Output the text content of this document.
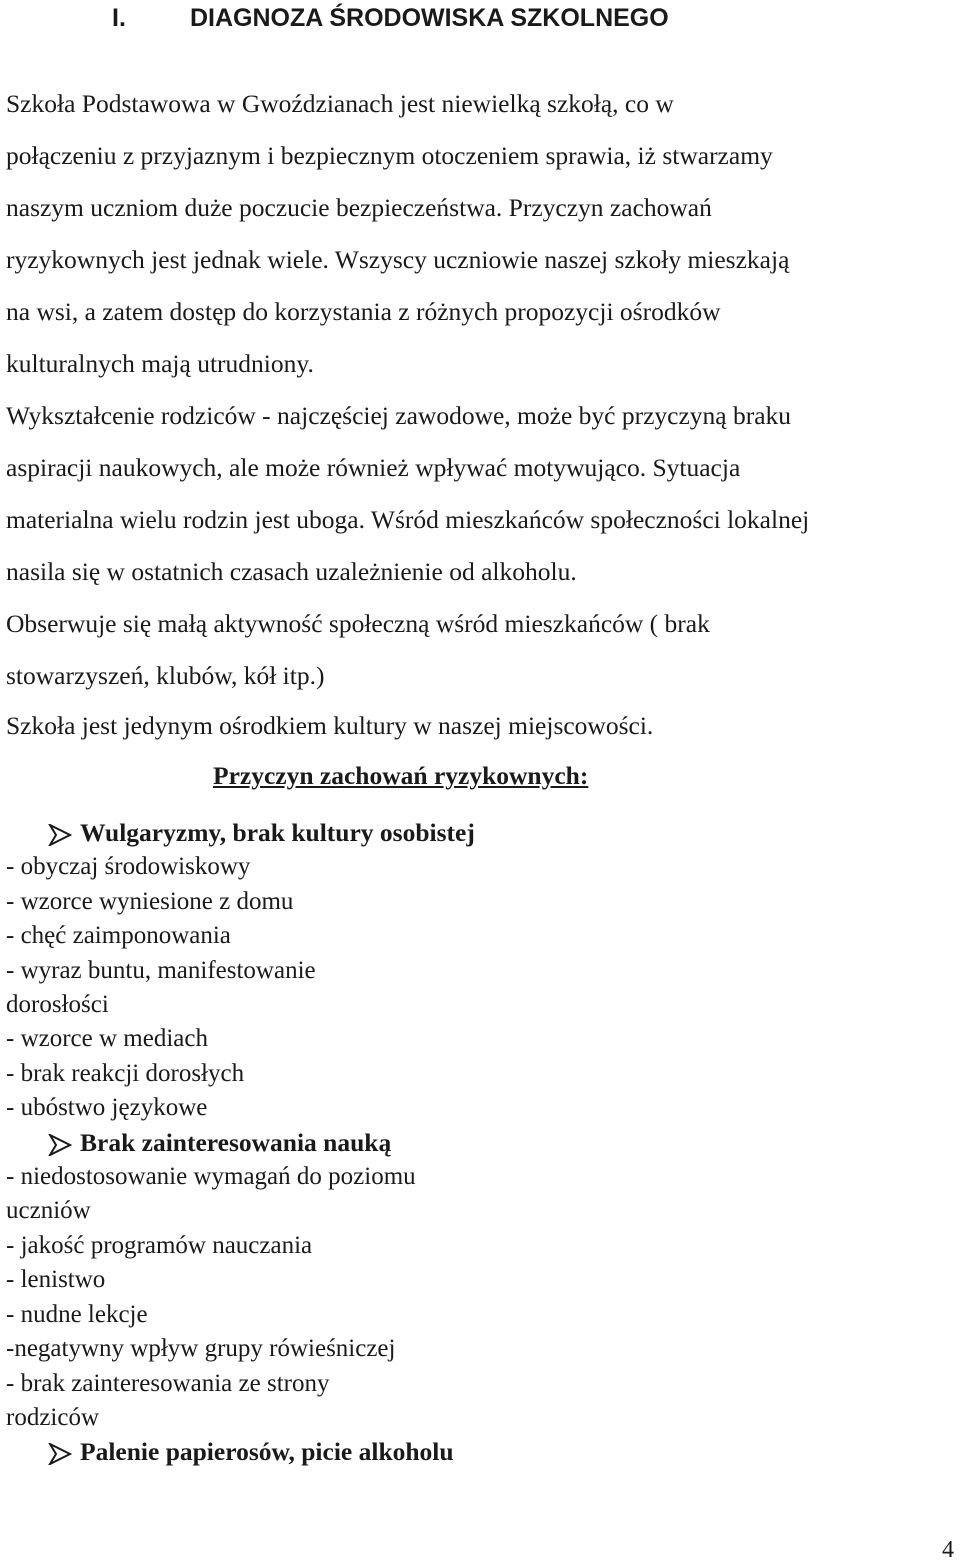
I.	DIAGNOZA ŚRODOWISKA SZKOLNEGO

Szkoła Podstawowa w Gwoździanach jest niewielką szkołą, co w
połączeniu z przyjaznym i bezpiecznym otoczeniem sprawia, iż stwarzamy
naszym uczniom duże poczucie bezpieczeństwa. Przyczyn zachowań
ryzykownych jest jednak wiele. Wszyscy uczniowie naszej szkoły mieszkają
na wsi, a zatem dostęp do korzystania z różnych propozycji ośrodków
kulturalnych mają utrudniony.
Wykształcenie rodziców - najczęściej zawodowe, może być przyczyną braku
aspiracji naukowych, ale może również wpływać motywująco. Sytuacja
materialna wielu rodzin jest uboga. Wśród mieszkańców społeczności lokalnej
nasila się w ostatnich czasach uzależnienie od alkoholu.
Obserwuje się małą aktywność społeczną wśród mieszkańców ( brak
stowarzyszeń, klubów, kół itp.)
Szkoła jest jedynym ośrodkiem kultury w naszej miejscowości.

Przyczyn zachowań ryzykownych:
Wulgaryzmy, brak kultury osobistej
- obyczaj środowiskowy
- wzorce wyniesione z domu
- chęć zaimponowania
- wyraz buntu, manifestowanie
dorosłości
- wzorce w mediach
- brak reakcji dorosłych
- ubóstwo językowe
Brak zainteresowania nauką
- niedostosowanie wymagań do poziomu
uczniów
- jakość programów nauczania
- lenistwo
- nudne lekcje
-negatywny wpływ grupy rówieśniczej
- brak zainteresowania ze strony
rodziców
Palenie papierosów, picie alkoholu

4
